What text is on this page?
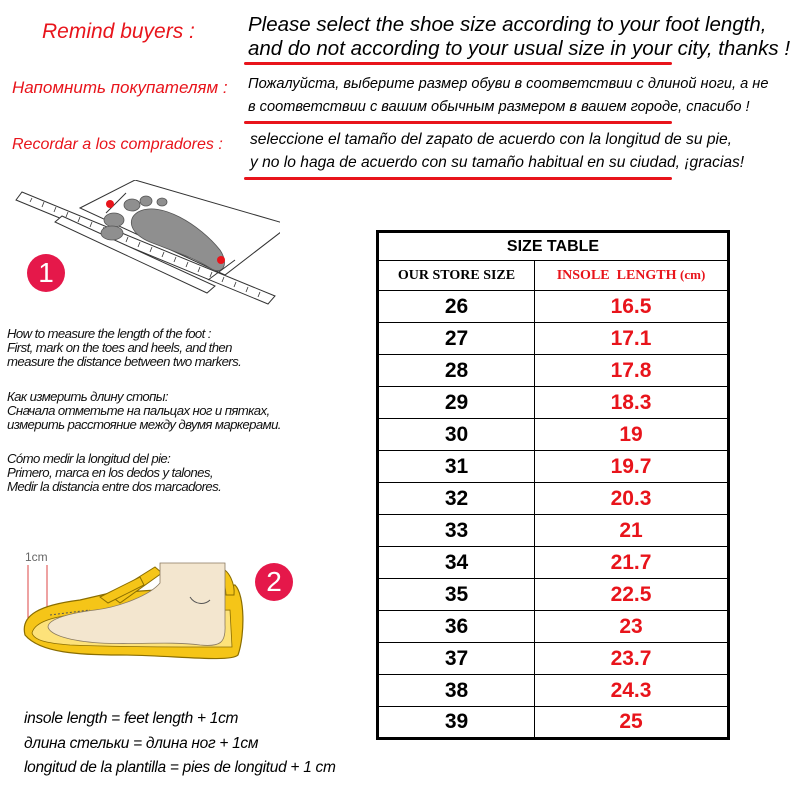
Remind buyers :	Please select the shoe size according to your foot length,
and do not according to your usual size in your city, thanks !
Напомнить покупателям : Пожалуйста, выберите размер обуви в соответствии с длиной ноги, а не
в соответствии с вашим обычным размером в вашем городе, спасибо !
Recordar a los compradores : seleccione el tamaño del zapato de acuerdo con la longitud de su pie,
y no lo haga de acuerdo con su tamaño habitual en su ciudad, ¡gracias!
1
How to measure the length of the foot :
First, mark on the toes and heels, and then
measure the distance between two markers.
Как измерить длину стопы:
Сначала отметьте на пальцах ног и пятках,
измерить расстояние между двумя маркерами.
Cómo medir la longitud del pie:
Primero, marca en los dedos y talones,
Medir la distancia entre dos marcadores.
1cm
2
insole length = feet length + 1cm
длина стельки = длина ног + 1см
longitud de la plantilla = pies de longitud + 1 cm
SIZE TABLE	
OUR STORE SIZE	INSOLE  LENGTH (cm)
26	16.5
27	17.1
28	17.8
29	18.3
30	19
31	19.7
32	20.3
33	21
34	21.7
35	22.5
36	23
37	23.7
38	24.3
39	25
